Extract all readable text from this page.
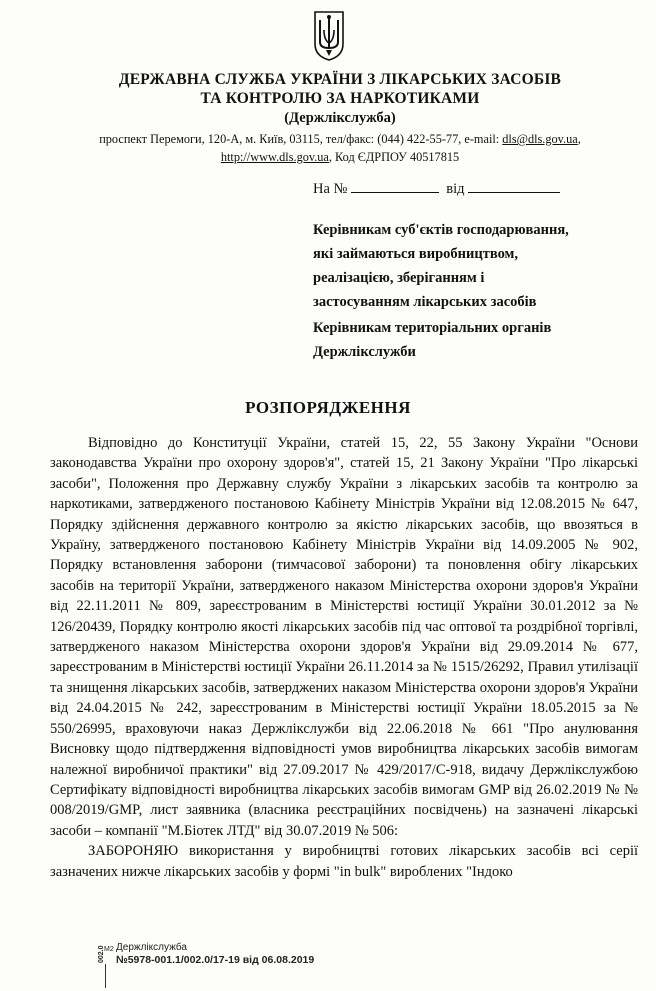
ДЕРЖАВНА СЛУЖБА УКРАЇНИ З ЛІКАРСЬКИХ ЗАСОБІВ
ТА КОНТРОЛЮ ЗА НАРКОТИКАМИ
(Держлікслужба)
проспект Перемоги, 120-А, м. Київ, 03115, тел/факс: (044) 422-55-77, e-mail: dls@dls.gov.ua,
http://www.dls.gov.ua, Код ЄДРПОУ 40517815
На №	від
Керівникам суб'єктів господарювання,
які займаються виробництвом,
реалізацією, зберіганням і
застосуванням лікарських засобів
Керівникам територіальних органів
Держлікслужби
РОЗПОРЯДЖЕННЯ

Відповідно до Конституції України, статей 15, 22, 55 Закону України "Основи законодавства України про охорону здоров'я", статей 15, 21 Закону України "Про лікарські засоби", Положення про Державну службу України з лікарських засобів та контролю за наркотиками, затвердженого постановою Кабінету Міністрів України від 12.08.2015 № 647, Порядку здійснення державного контролю за якістю лікарських засобів, що ввозяться в Україну, затвердженого постановою Кабінету Міністрів України від 14.09.2005 № 902, Порядку встановлення заборони (тимчасової заборони) та поновлення обігу лікарських засобів на території України, затвердженого наказом Міністерства охорони здоров'я України від 22.11.2011 № 809, зареєстрованим в Міністерстві юстиції України 30.01.2012 за № 126/20439, Порядку контролю якості лікарських засобів під час оптової та роздрібної торгівлі, затвердженого наказом Міністерства охорони здоров'я України від 29.09.2014 № 677, зареєстрованим в Міністерстві юстиції України 26.11.2014 за № 1515/26292, Правил утилізації та знищення лікарських засобів, затверджених наказом Міністерства охорони здоров'я України від 24.04.2015 № 242, зареєстрованим в Міністерстві юстиції України 18.05.2015 за № 550/26995, враховуючи наказ Держлікслужби від 22.06.2018 № 661 "Про анулювання Висновку щодо підтвердження відповідності умов виробництва лікарських засобів вимогам належної виробничої практики" від 27.09.2017 № 429/2017/С-918, видачу Держлікслужбою Сертифікату відповідності виробництва лікарських засобів вимогам GMP від 26.02.2019 № № 008/2019/GMP, лист заявника (власника реєстраційних посвідчень) на зазначені лікарські засоби – компанії "М.Біотек ЛТД" від 30.07.2019 № 506:

ЗАБОРОНЯЮ використання у виробництві готових лікарських засобів всі серії зазначених нижче лікарських засобів у формі "in bulk" вироблених "Індоко

002.0 M2 Держлікслужба
№5978-001.1/002.0/17-19 від 06.08.2019
